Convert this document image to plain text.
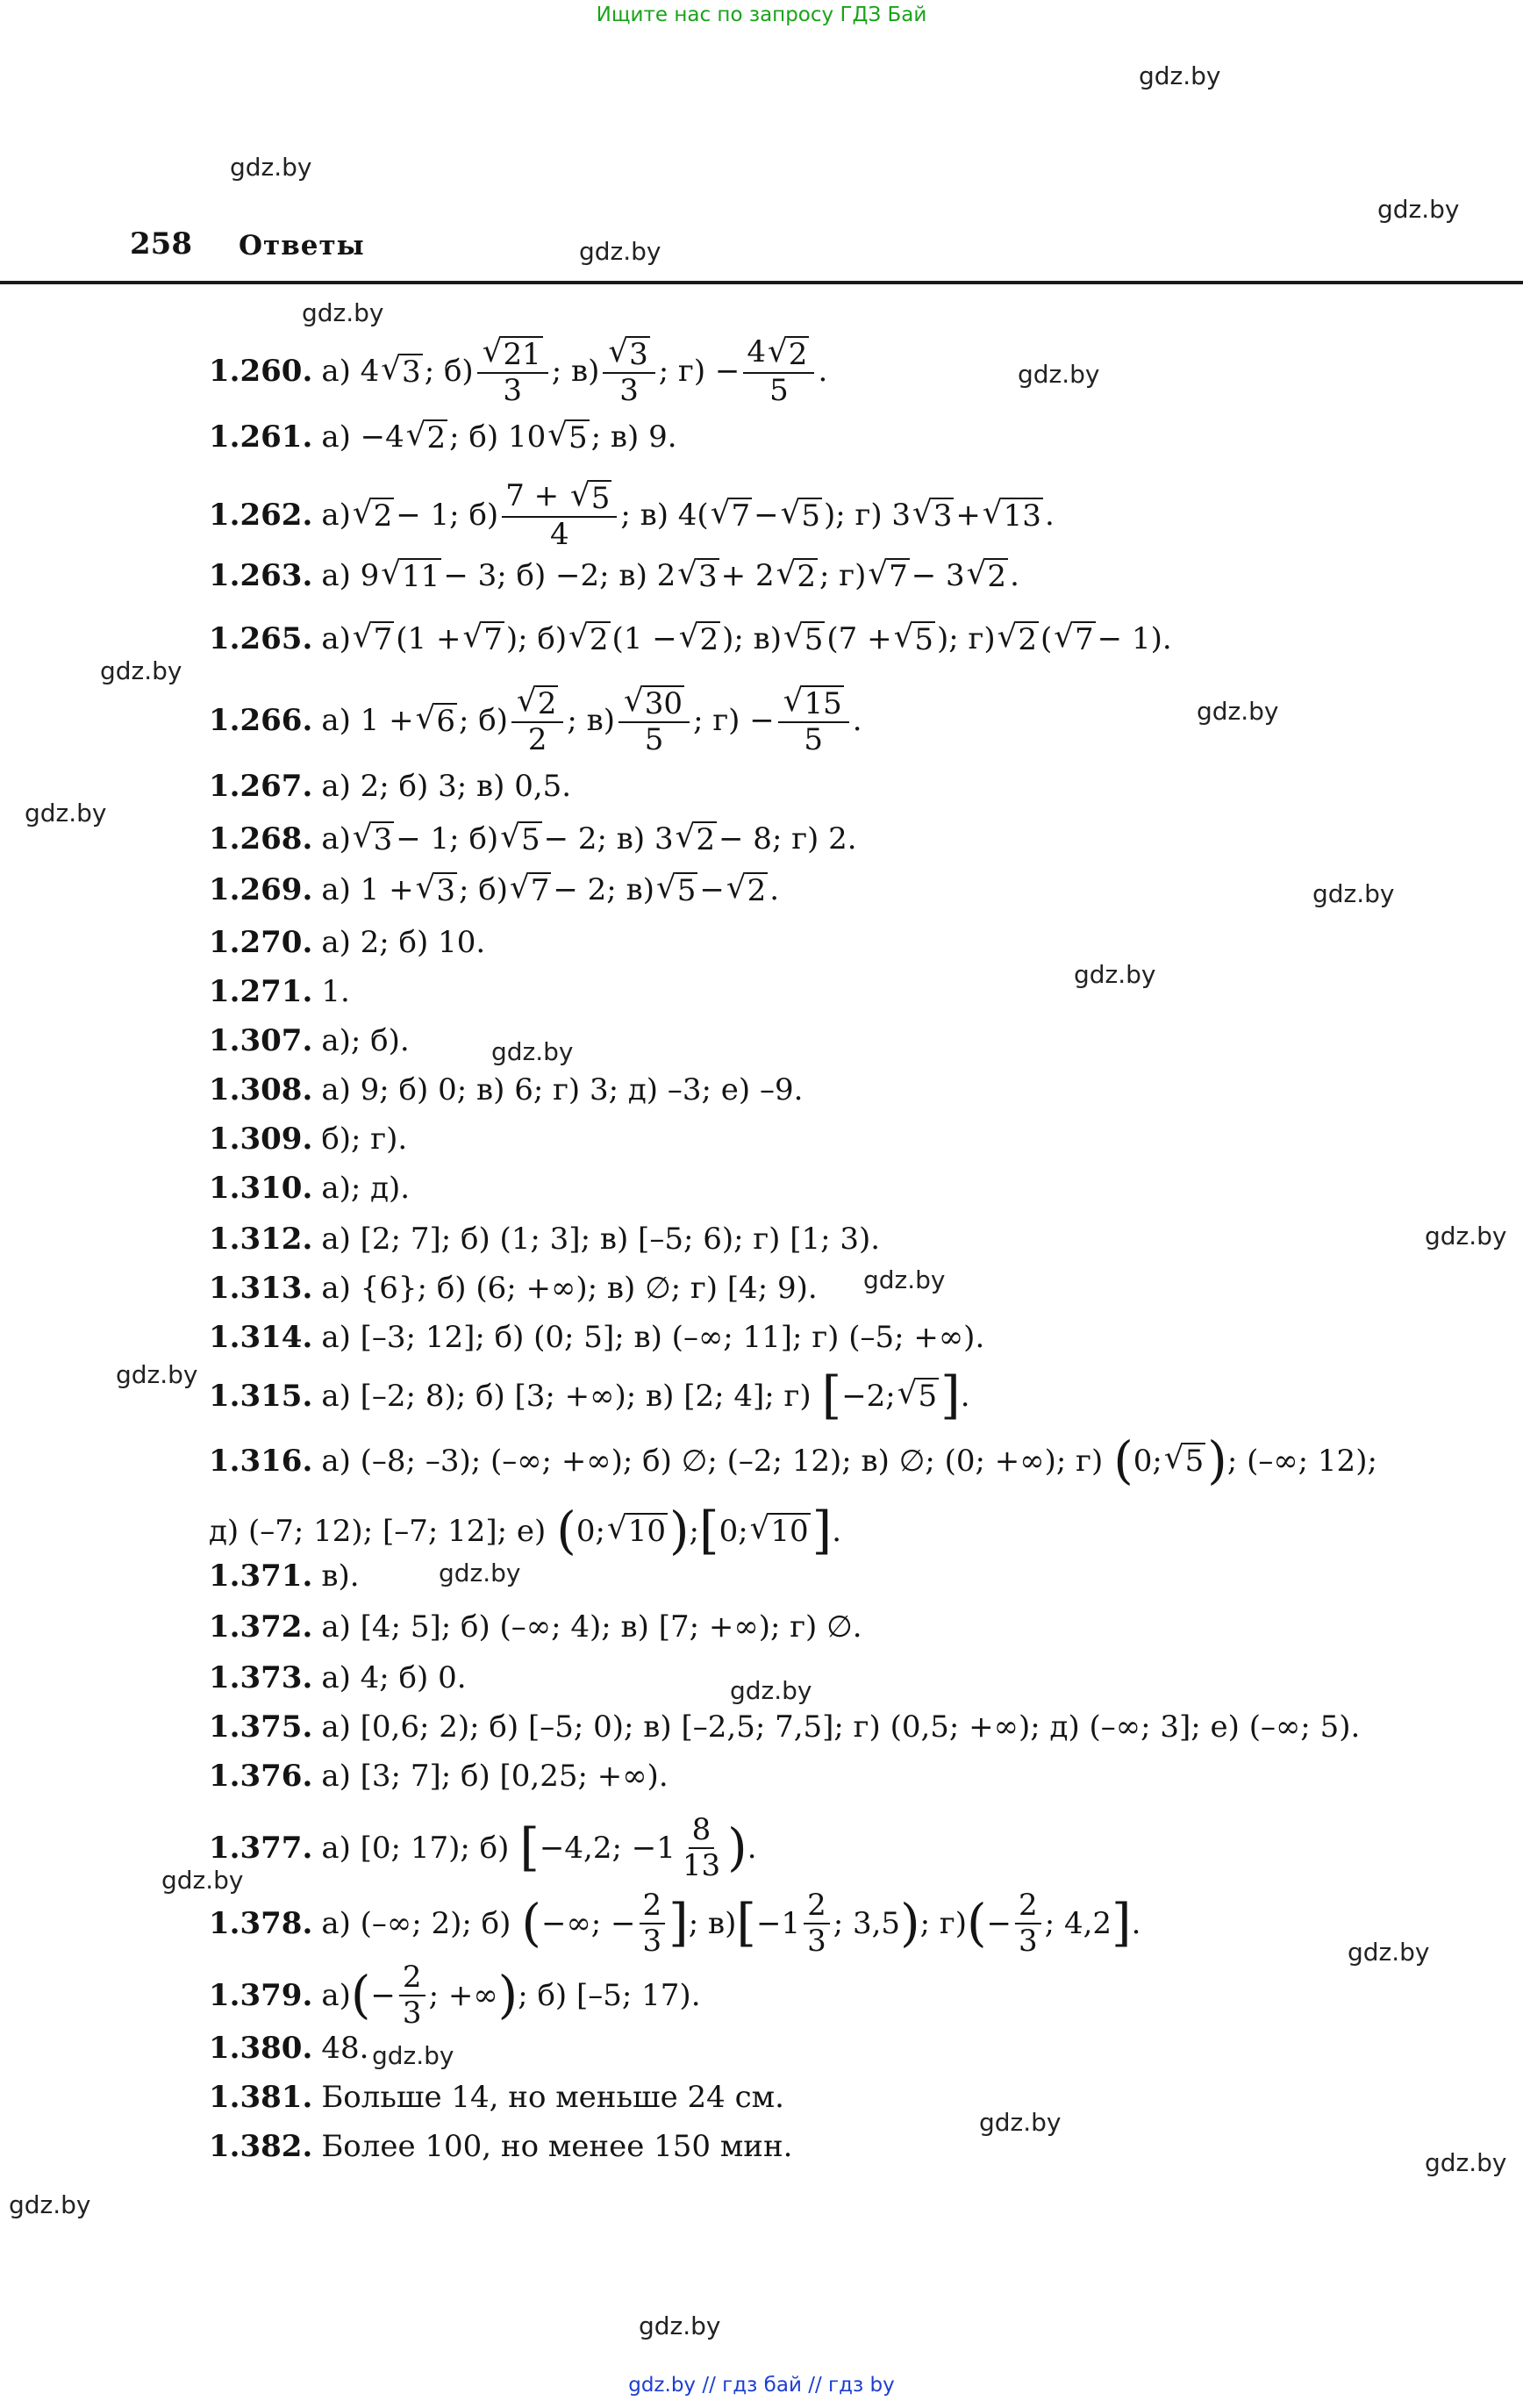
Ищите нас по запросу ГДЗ Бай
gdz.by
gdz.by
gdz.by
gdz.by
258 Ответы
gdz.by
gdz.by
gdz.by
gdz.by
gdz.by
gdz.by
gdz.by
gdz.by
gdz.by
gdz.by
gdz.by
gdz.by
gdz.by
gdz.by
gdz.by
gdz.by
gdz.by
gdz.by
gdz.by
gdz.by
1.260. а) 4 √ 3 ; $б) \frac{√ 21}{3}$ ; $в) \frac{√ 3}{3}$ ; $г) - \frac{4 √ 2}{5}$ .
1.261. а) −4 √ 2 ; б) 10 √ 5 ; в) 9.
1.262. а) √ 2 − 1; $б) \frac{7 + √ 5}{4}$ ; в) 4( √ 7 − √ 5 ); г) 3 √ 3 + √ 13 .
1.263. а) 9 √ 11 − 3; б) −2; в) 2 √ 3 + 2 √ 2 ; г) √ 7 − 3 √ 2 .
1.265. а) √ 7 (1 + √ 7 ); б) √ 2 (1 − √ 2 ); в) √ 5 (7 + √ 5 ); г) √ 2 ( √ 7 − 1).
1.266. а) 1 + √ 6 ; $б) \frac{√ 2}{2}$ ; $в) \frac{√ 30}{5}$ ; $г) - \frac{√ 15}{5}$ .
1.267. а) 2; б) 3; в) 0,5.
1.268. а) √ 3 − 1; б) √ 5 − 2; в) 3 √ 2 − 8; г) 2.
1.269. а) 1 + √ 3 ; б) √ 7 − 2; в) √ 5 − √ 2 .
1.270. а) 2; б) 10.
1.271. 1.
1.307. а); б).
1.308. а) 9; б) 0; в) 6; г) 3; д) –3; е) –9.
1.309. б); г).
1.310. а); д).
1.312. а) [2; 7]; б) (1; 3]; в) [–5; 6); г) [1; 3).
1.313. а) {6}; б) (6; +∞); в) ∅; г) [4; 9).
1.314. а) [–3; 12]; б) (0; 5]; в) (–∞; 11]; г) (–5; +∞).
1.315. а) [–2; 8); б) [3; +∞); в) [2; 4]; г) [ −2; √ 5 ] .
1.316. а) (–8; –3); (–∞; +∞); б) ∅; (–2; 12); в) ∅; (0; +∞); г) ( 0; √ 5 ) ; (–∞; 12);
д) (–7; 12); [–7; 12]; е) ( 0; √ 10 ) ; [ 0; √ 10 ] .
1.371. в).
1.372. а) [4; 5]; б) (–∞; 4); в) [7; +∞); г) ∅.
1.373. а) 4; б) 0.
1.375. а) [0,6; 2); б) [–5; 0); в) [–2,5; 7,5]; г) (0,5; +∞); д) (–∞; 3]; е) (–∞; 5).
1.376. а) [3; 7]; б) [0,25; +∞).
1.377. а) [0; 17); б) [ −4,2; $-1 \frac{8}{13}$ ) .
1.378. а) (–∞; 2); б) ( −∞; − $\frac{2}{3}$ ] ; в) [ $-1 \frac{2}{3}$ ; 3,5 ) ; г) ( − $\frac{2}{3}$ ; 4,2 ] .
1.379. а) ( − $\frac{2}{3}$ ; +∞ ) ; б) [–5; 17).
1.380. 48.
1.381. Больше 14, но меньше 24 см.
1.382. Более 100, но менее 150 мин.
gdz.by // гдз бай // гдз by
